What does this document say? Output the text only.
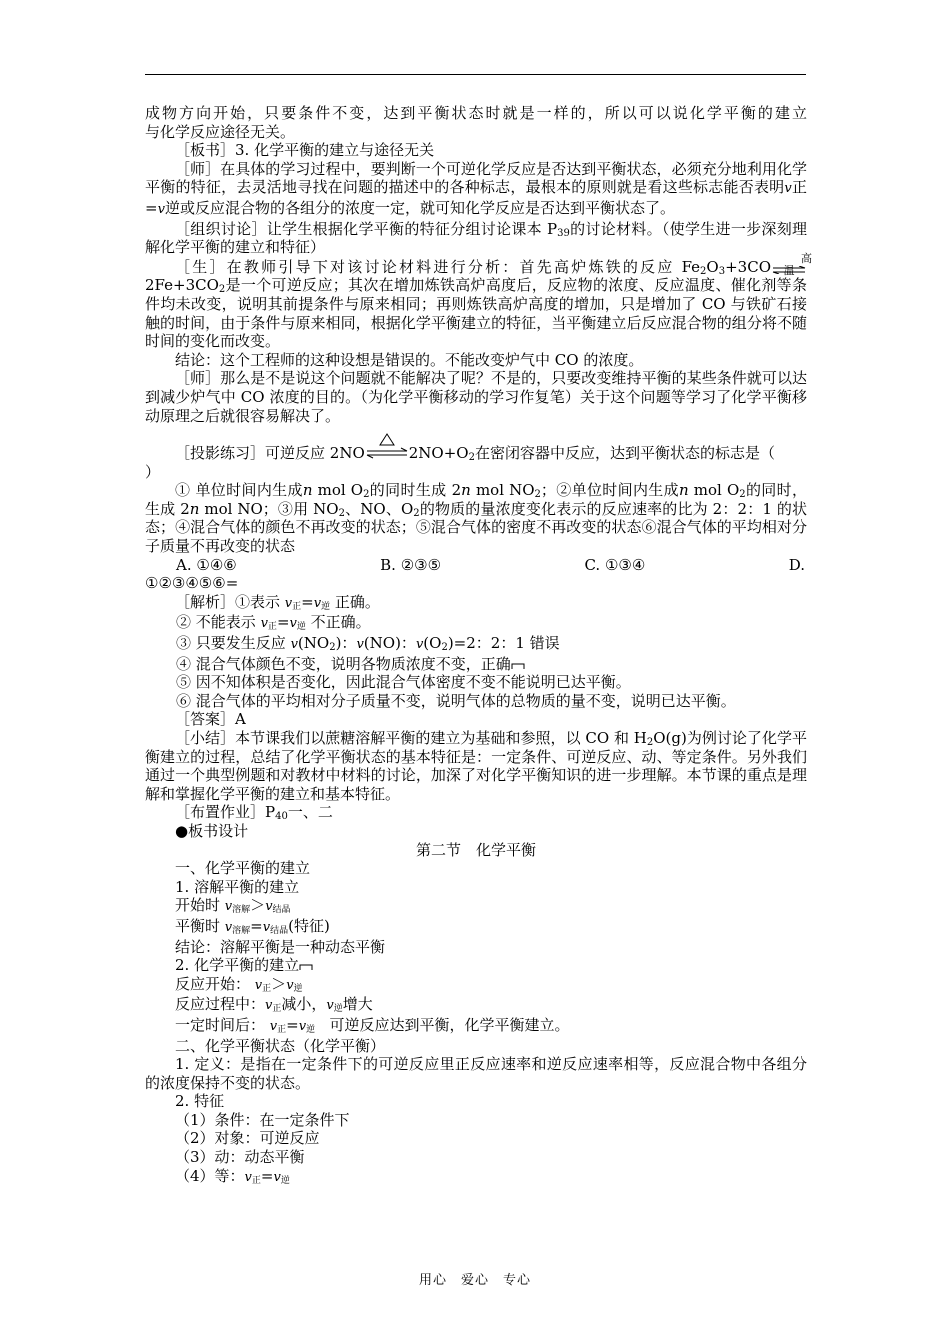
成物方向开始，只要条件不变，达到平衡状态时就是一样的，所以可以说化学平衡的建立

与化学反应途径无关。

［板书］3. 化学平衡的建立与途径无关

［师］在具体的学习过程中，要判断一个可逆化学反应是否达到平衡状态，必须充分地利用化学平衡的特征，去灵活地寻找在问题的描述中的各种标志，最根本的原则就是看这些标志能否表明v正=v逆或反应混合物的各组分的浓度一定，就可知化学反应是否达到平衡状态了。

［组织讨论］让学生根据化学平衡的特征分组讨论课本 $P_{39}$的讨论材料。（使学生进一步深刻理解化学平衡的建立和特征）

［生］在教师引导下对该讨论材料进行分析：首先高炉炼铁的反应 $Fe_2O_3+3CO$	高温
$2Fe+3CO_2$是一个可逆反应；其次在增加炼铁高炉高度后，反应物的浓度、反应温度、催化剂等条件均未改变，说明其前提条件与原来相同；再则炼铁高炉高度的增加，只是增加了 CO 与铁矿石接触的时间，由于条件与原来相同，根据化学平衡建立的特征，当平衡建立后反应混合物的组分将不随时间的变化而改变。

结论：这个工程师的这种设想是错误的。不能改变炉气中 CO 的浓度。

［师］那么是不是说这个问题就不能解决了呢？不是的，只要改变维持平衡的某些条件就可以达到减少炉气中 CO 浓度的目的。（为化学平衡移动的学习作复笔）关于这个问题等学习了化学平衡移动原理之后就很容易解决了。

［投影练习］可逆反应 2NO	$2NO+O_2$在密闭容器中反应，达到平衡状态的标志是（
）

① 单位时间内生成n mol $O_2$的同时生成 2n mol $NO_2$；②单位时间内生成n mol $O_2$的同时，生成 2n mol NO；③用 $NO_2$、NO、$O_2$的物质的量浓度变化表示的反应速率的比为 2：2：1 的状态；④混合气体的颜色不再改变的状态；⑤混合气体的密度不再改变的状态⑥混合气体的平均相对分子质量不再改变的状态

A. ①④⑥	B. ②③⑤	C. ①③④	D.

①②③④⑤⑥=

［解析］①表示 v正=v逆 正确。

② 不能表示 v正=v逆 不正确。

③ 只要发生反应 $v(NO_2)$：v(NO)：$v(O_2)=2$：2：1 错误

④ 混合气体颜色不变，说明各物质浓度不变，正确

⑤ 因不知体积是否变化，因此混合气体密度不变不能说明已达平衡。

⑥ 混合气体的平均相对分子质量不变，说明气体的总物质的量不变，说明已达平衡。

［答案］A

［小结］本节课我们以蔗糖溶解平衡的建立为基础和参照，以 CO 和 $H_2O(g)$为例讨论了化学平衡建立的过程，总结了化学平衡状态的基本特征是：一定条件、可逆反应、动、等定条件。另外我们通过一个典型例题和对教材中材料的讨论，加深了对化学平衡知识的进一步理解。本节课的重点是理解和掌握化学平衡的建立和基本特征。

［布置作业$]P_{40}$一、二

●板书设计

第二节　化学平衡

一、化学平衡的建立

1. 溶解平衡的建立

开始时 v溶解＞v结晶

平衡时 v溶解=v结晶(特征)

结论：溶解平衡是一种动态平衡

2. 化学平衡的建立

反应开始： v正＞v逆

反应过程中：v正减小，v逆增大

一定时间后： v正=v逆 可逆反应达到平衡，化学平衡建立。

二、化学平衡状态（化学平衡）

1. 定义：是指在一定条件下的可逆反应里正反应速率和逆反应速率相等，反应混合物中各组分的浓度保持不变的状态。

2. 特征

（1）条件：在一定条件下

（2）对象：可逆反应

（3）动：动态平衡

（4）等：v正=v逆

用心　爱心　专心
